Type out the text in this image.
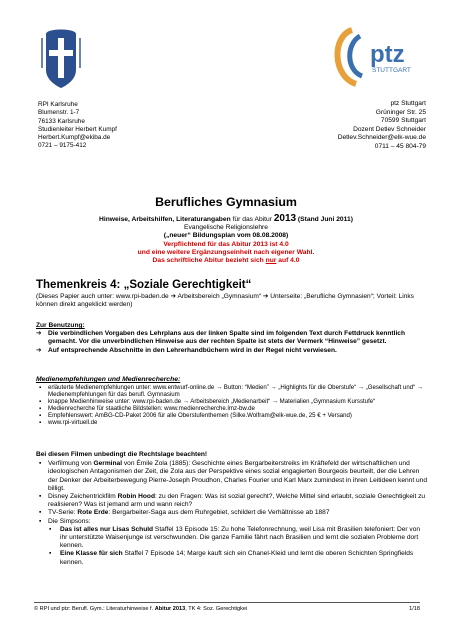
ptz
STUTTGART
RPI Karlsruhe
Blumenstr. 1-7
76133 Karlsruhe
Studienleiter Herbert Kumpf
Herbert.Kumpf@ekiba.de
0721 – 9175-412
ptz Stuttgart
Grüninger Str. 25
70599 Stuttgart
Dozent Detlev Schneider
Detlev.Schneider@elk-wue.de
0711 – 45 804-79
Berufliches Gymnasium
Hinweise, Arbeitshilfen, Literaturangaben für das Abitur 2013 (Stand Juni 2011)
Evangelische Religionslehre
(„neuer“ Bildungsplan vom 08.08.2008)
Verpflichtend für das Abitur 2013 ist 4.0
und eine weitere Ergänzungseinheit nach eigener Wahl.
Das schriftliche Abitur bezieht sich nur auf 4.0
Themenkreis 4: „Soziale Gerechtigkeit“
(Dieses Papier auch unter: www.rpi-baden.de ➔ Arbeitsbereich „Gymnasium“ ➔ Unterseite: „Berufliche Gymnasien“; Vorteil: Links können direkt angeklickt werden)
Zur Benutzung:
➔ Die verbindlichen Vorgaben des Lehrplans aus der linken Spalte sind im folgenden Text durch Fettdruck kenntlich gemacht. Vor die unverbindlichen Hinweise aus der rechten Spalte ist stets der Vermerk “Hinweise” gesetzt.
➔ Auf entsprechende Abschnitte in den Lehrerhandbüchern wird in der Regel nicht verwiesen.
Medienempfehlungen und Medienrecherche:
▪ erläuterte Medienempfehlungen unter: www.entwurf-online.de → Button: “Medien” → „Highlights für die Oberstufe“ → „Gesellschaft und“ → Medienempfehlungen für das berufl. Gymnasium
▪ knappe Medienhinweise unter: www.rpi-baden.de → Arbeitsbereich „Medienarbeit“ → Materialien „Gymnasium Kursstufe“
▪ Medienrecherche für staatliche Bildstellen: www.medienrecherche.lmz-bw.de
▪ Empfehlenswert: AmBG-CD-Paket 2006 für alle Oberstufenthemen (Silke.Wolfram@elk-wue.de, 25 € + Versand)
▪ www.rpi-virtuell.de
Bei diesen Filmen unbedingt die Rechtslage beachten!
▪ Verfilmung von Germinal von Émile Zola (1885): Geschichte eines Bergarbeiterstreiks im Kräftefeld der wirtschaftlichen und ideologischen Antagonismen der Zeit, die Zola aus der Perspektive eines sozial engagierten Bourgeois beurteilt, der die Lehren der Denker der Arbeiterbewegung Pierre-Joseph Proudhon, Charles Fourier und Karl Marx zumindest in ihren Leitideen kennt und billigt.
▪ Disney Zeichentrickfilm Robin Hood: zu den Fragen: Was ist sozial gerecht?, Welche Mittel sind erlaubt, soziale Gerechtigkeit zu realisieren? Was ist jemand arm und wann reich?
▪ TV-Serie: Rote Erde: Bergarbeiter-Saga aus dem Ruhrgebiet, schildert die Verhältnisse ab 1887
▪ Die Simpsons:
▪ Das ist alles nur Lisas Schuld Staffel 13 Episode 15: Zu hohe Telefonrechnung, weil Lisa mit Brasilien telefoniert: Der von ihr unterstützte Waisenjunge ist verschwunden. Die ganze Familie fährt nach Brasilien und lernt die sozialen Probleme dort kennen.
▪ Eine Klasse für sich Staffel 7 Episode 14; Marge kauft sich ein Chanel-Kleid und lernt die oberen Schichten Springfields kennen.
© RPI und ptz: Berufl. Gym.: Literaturhinweise f. Abitur 2013, TK 4: Soz. Gerechtigkei	1/18
